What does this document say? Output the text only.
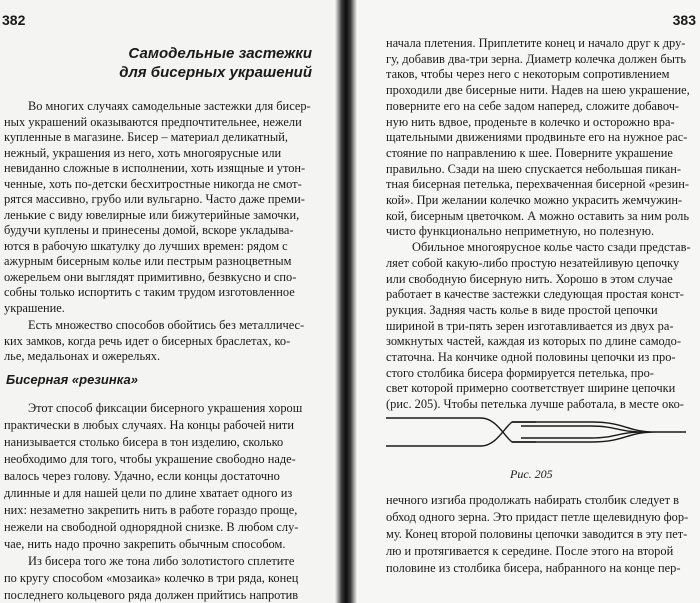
382
Самодельные застежки
для бисерных украшений
Во многих случаях самодельные застежки для бисер-
ных украшений оказываются предпочтительнее, нежели
купленные в магазине. Бисер – материал деликатный,
нежный, украшения из него, хоть многоярусные или
невиданно сложные в исполнении, хоть изящные и утон-
ченные, хоть по-детски бесхитростные никогда не смот-
рятся массивно, грубо или вульгарно. Часто даже преми-
ленькие с виду ювелирные или бижутерийные замочки,
будучи куплены и принесены домой, вскоре укладыва-
ются в рабочую шкатулку до лучших времен: рядом с
ажурным бисерным колье или пестрым разноцветным
ожерельем они выглядят примитивно, безвкусно и спо-
собны только испортить с таким трудом изготовленное
украшение.
Бисерная «резинка»
Этот способ фиксации бисерного украшения хорош
практически в любых случаях. На концы рабочей нити
нанизывается столько бисера в тон изделию, сколько
необходимо для того, чтобы украшение свободно наде-
валось через голову. Удачно, если концы достаточно
длинные и для нашей цели по длине хватает одного из
них: незаметно закрепить нить в работе гораздо проще,
нежели на свободной однорядной снизке. В любом слу-
чае, нить надо прочно закрепить обычным способом.
Из бисера того же тона либо золотистого сплетите
по кругу способом «мозаика» колечко в три ряда, конец
последнего кольцевого ряда должен прийтись напротив
Есть множество способов обойтись без металличес-
ких замков, когда речь идет о бисерных браслетах, ко-
лье, медальонах и ожерельях.
383
начала плетения. Приплетите конец и начало друг к дру-
гу, добавив два-три зерна. Диаметр колечка должен быть
таков, чтобы через него с некоторым сопротивлением
проходили две бисерные нити. Надев на шею украшение,
поверните его на себе задом наперед, сложите добавоч-
ную нить вдвое, проденьте в колечко и осторожно вра-
щательными движениями продвиньте его на нужное рас-
стояние по направлению к шее. Поверните украшение
правильно. Сзади на шею спускается небольшая пикан-
тная бисерная петелька, перехваченная бисерной «резин-
кой». При желании колечко можно украсить жемчужин-
кой, бисерным цветочком. А можно оставить за ним роль
чисто функционально неприметную, но полезную.
Обильное многоярусное колье часто сзади представ-
ляет собой какую-либо простую незатейливую цепочку
или свободную бисерную нить. Хорошо в этом случае
работает в качестве застежки следующая простая конст-
рукция. Задняя часть колье в виде простой цепочки
шириной в три-пять зерен изготавливается из двух ра-
зомкнутых частей, каждая из которых по длине самодо-
статочна. На кончике одной половины цепочки из про-
стого столбика бисера формируется петелька, про-
свет которой примерно соответствует ширине цепочки
(рис. 205). Чтобы петелька лучше работала, в месте око-
Рис. 205
нечного изгиба продолжать набирать столбик следует в
обход одного зерна. Это придаст петле щелевидную фор-
му. Конец второй половины цепочки заводится в эту пет-
лю и протягивается к середине. После этого на второй
половине из столбика бисера, набранного на конце пер-
